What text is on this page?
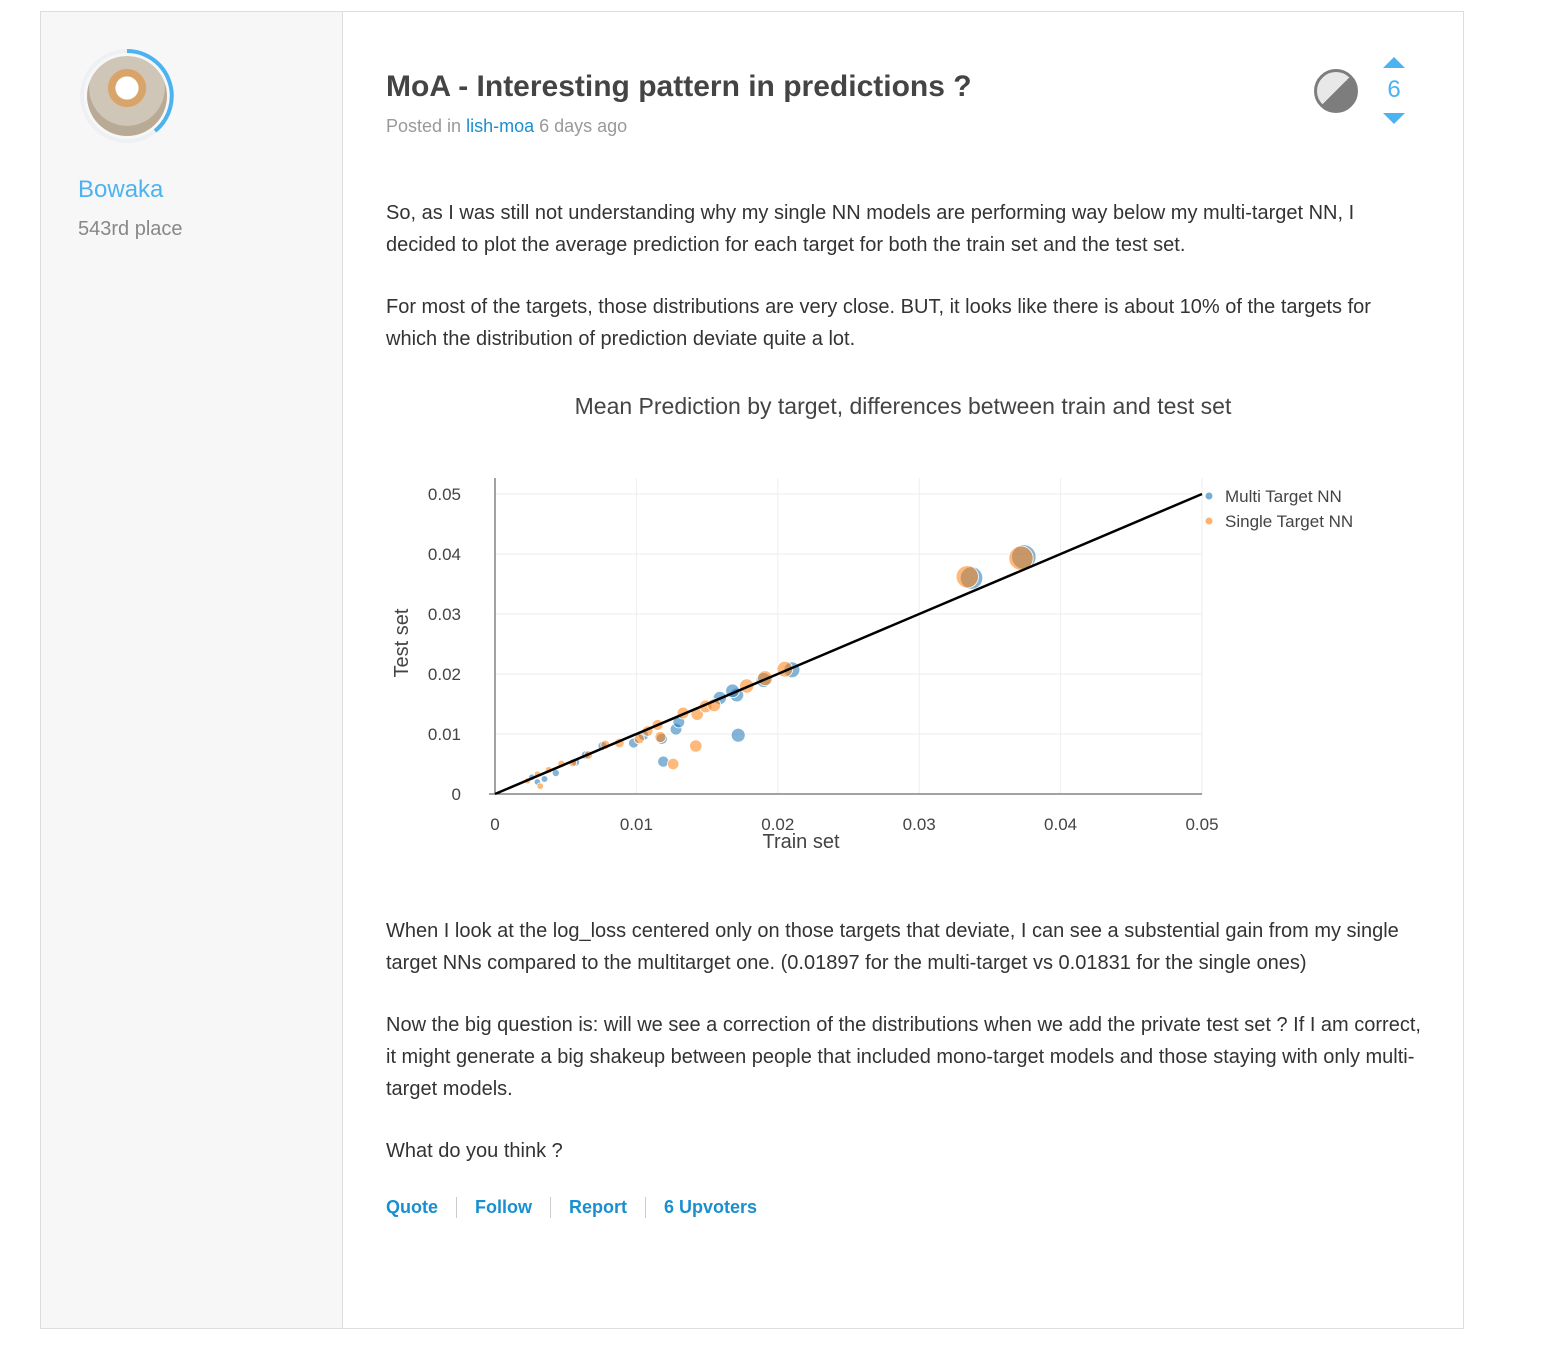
Bowaka
543rd place
6
MoA - Interesting pattern in predictions ?
Posted in lish-moa 6 days ago
So, as I was still not understanding why my single NN models are performing way below my multi-target NN, I decided to plot the average prediction for each target for both the train set and the test set.
For most of the targets, those distributions are very close. BUT, it looks like there is about 10% of the targets for which the distribution of prediction deviate quite a lot.
Mean Prediction by target, differences between train and test set
0
0
0.01
0.01
0.02
0.02
0.03
0.03
0.04
0.04
0.05
0.05
Train set
Test set
Multi Target NN
Single Target NN
When I look at the log_loss centered only on those targets that deviate, I can see a substential gain from my single target NNs compared to the multitarget one. (0.01897 for the multi-target vs 0.01831 for the single ones)
Now the big question is: will we see a correction of the distributions when we add the private test set ? If I am correct, it might generate a big shakeup between people that included mono-target models and those staying with only multi-target models.
What do you think ?
Quote	Follow	Report	6 Upvoters
